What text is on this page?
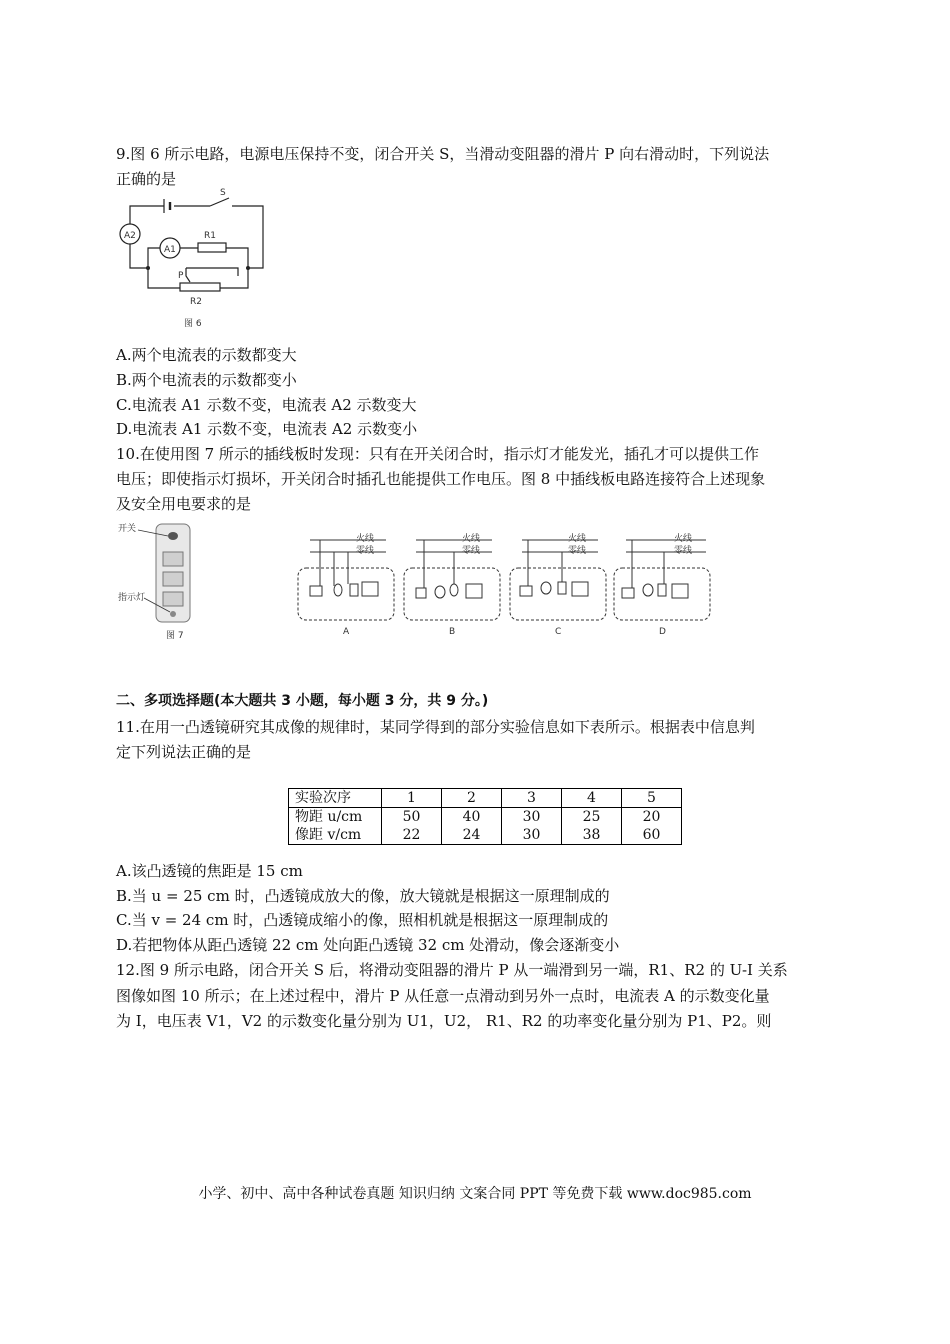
9.图 6 所示电路，电源电压保持不变，闭合开关 S，当滑动变阻器的滑片 P 向右滑动时，下列说法
正确的是
A2
A1
S
R1
P
R2
图 6
A.两个电流表的示数都变大
B.两个电流表的示数都变小
C.电流表 A1 示数不变，电流表 A2 示数变大
D.电流表 A1 示数不变，电流表 A2 示数变小
10.在使用图 7 所示的插线板时发现：只有在开关闭合时，指示灯才能发光，插孔才可以提供工作
电压；即使指示灯损坏，开关闭合时插孔也能提供工作电压。图 8 中插线板电路连接符合上述现象
及安全用电要求的是
开关
指示灯
图 7
火线
零线
火线
零线
火线
零线
火线
零线
A	B	C	D
二、多项选择题(本大题共 3 小题，每小题 3 分，共 9 分。)
11.在用一凸透镜研究其成像的规律时，某同学得到的部分实验信息如下表所示。根据表中信息判
定下列说法正确的是
实验次序	1	2	3	4	5
物距 u/cm	50	40	30	25	20
像距 v/cm	22	24	30	38	60
A.该凸透镜的焦距是 15 cm
B.当 u = 25 cm 时，凸透镜成放大的像，放大镜就是根据这一原理制成的
C.当 v = 24 cm 时，凸透镜成缩小的像，照相机就是根据这一原理制成的
D.若把物体从距凸透镜 22 cm 处向距凸透镜 32 cm 处滑动，像会逐渐变小
12.图 9 所示电路，闭合开关 S 后，将滑动变阻器的滑片 P 从一端滑到另一端，R1、R2 的 U-I 关系
图像如图 10 所示；在上述过程中，滑片 P 从任意一点滑动到另外一点时，电流表 A 的示数变化量
为 I，电压表 V1，V2 的示数变化量分别为 U1，U2， R1、R2 的功率变化量分别为 P1、P2。则
小学、初中、高中各种试卷真题 知识归纳 文案合同 PPT 等免费下载 www.doc985.com
